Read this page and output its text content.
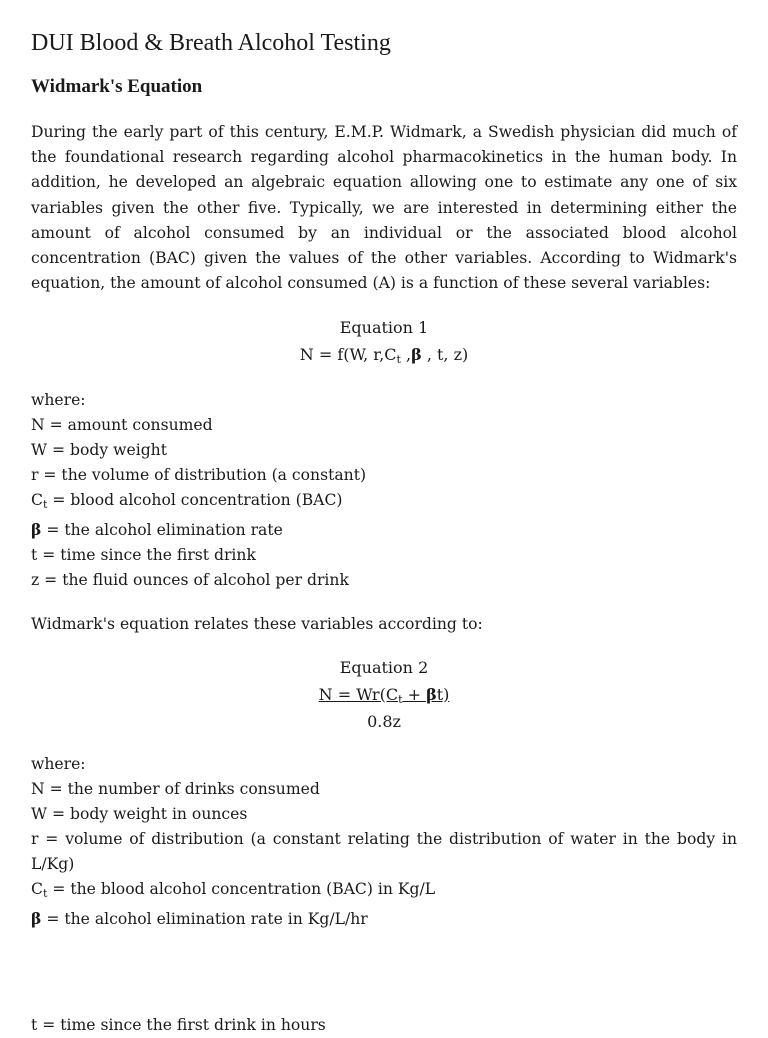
DUI Blood & Breath Alcohol Testing
Widmark's Equation

During the early part of this century, E.M.P. Widmark, a Swedish physician did much of the foundational research regarding alcohol pharmacokinetics in the human body. In addition, he developed an algebraic equation allowing one to estimate any one of six variables given the other five. Typically, we are interested in determining either the amount of alcohol consumed by an individual or the associated blood alcohol concentration (BAC) given the values of the other variables. According to Widmark's equation, the amount of alcohol consumed (A) is a function of these several variables:

Equation 1
N = f(W, $r,C_t$ ,β , t, z)
where:
N = amount consumed
W = body weight
r = the volume of distribution (a constant)
$C_t$ = blood alcohol concentration (BAC)
β = the alcohol elimination rate
t = time since the first drink
z = the fluid ounces of alcohol per drink

Widmark's equation relates these variables according to:

Equation 2
$N = Wr(C_t + \beta t)$
0.8z
where:
N = the number of drinks consumed
W = body weight in ounces
r = volume of distribution (a constant relating the distribution of water in the body in L/Kg)
$C_t$ = the blood alcohol concentration (BAC) in Kg/L
β = the alcohol elimination rate in Kg/L/hr

t = time since the first drink in hours
